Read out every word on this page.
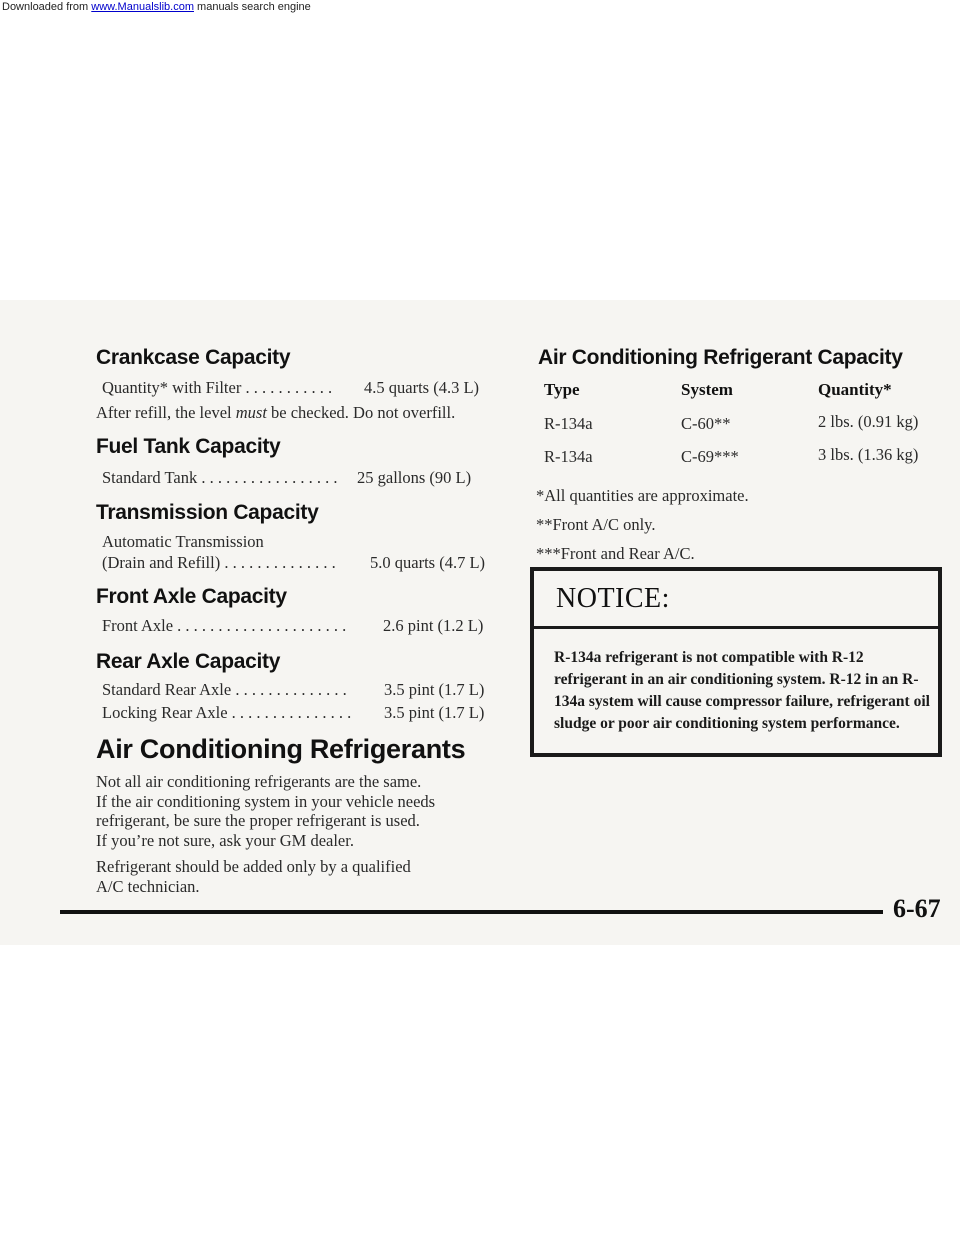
Downloaded from www.Manualslib.com manuals search engine
Crankcase Capacity
Quantity* with Filter . . . . . . . . . . . 4.5 quarts (4.3 L)

After refill, the level must be checked. Do not overfill.

Fuel Tank Capacity
Standard Tank . . . . . . . . . . . . . . . . . 25 gallons (90 L)
Transmission Capacity
Automatic Transmission
(Drain and Refill) . . . . . . . . . . . . . . 5.0 quarts (4.7 L)
Front Axle Capacity
Front Axle . . . . . . . . . . . . . . . . . . . . . 2.6 pint (1.2 L)
Rear Axle Capacity
Standard Rear Axle . . . . . . . . . . . . . . 3.5 pint (1.7 L)
Locking Rear Axle . . . . . . . . . . . . . . . 3.5 pint (1.7 L)
Air Conditioning Refrigerants

Not all air conditioning refrigerants are the same.
If the air conditioning system in your vehicle needs
refrigerant, be sure the proper refrigerant is used.
If you’re not sure, ask your GM dealer.

Refrigerant should be added only by a qualified
A/C technician.

Air Conditioning Refrigerant Capacity
Type	System	Quantity*
R-134a	C-60**	2 lbs. (0.91 kg)
R-134a	C-69***	3 lbs. (1.36 kg)
*All quantities are approximate.
**Front A/C only.
***Front and Rear A/C.
NOTICE:

R-134a refrigerant is not compatible with R-12 refrigerant in an air conditioning system. R-12 in an R-134a system will cause compressor failure, refrigerant oil sludge or poor air conditioning system performance.

6-67
